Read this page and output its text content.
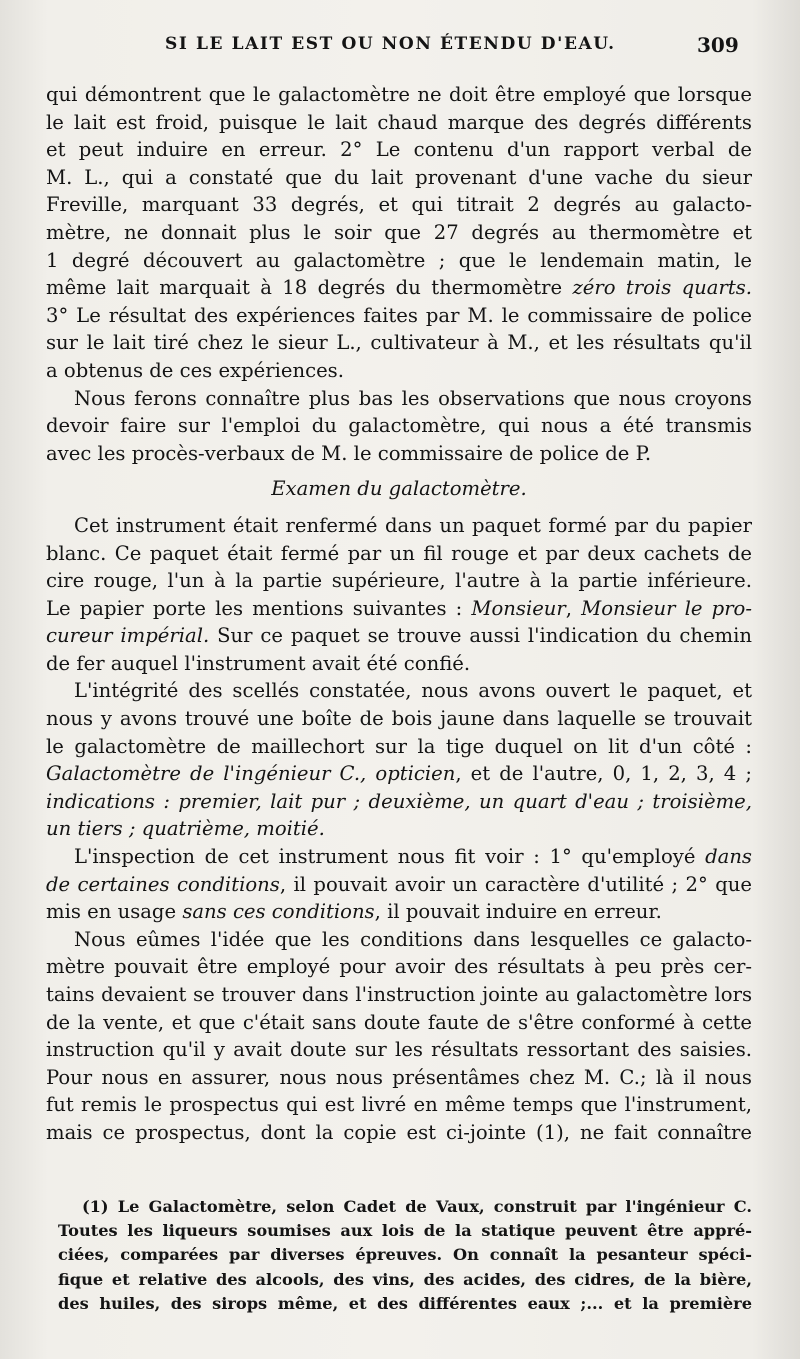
SI LE LAIT EST OU NON ÉTENDU D'EAU.	309
qui démontrent que le galactomètre ne doit être employé que lorsque
le lait est froid, puisque le lait chaud marque des degrés différents
et peut induire en erreur. 2° Le contenu d'un rapport verbal de
M. L., qui a constaté que du lait provenant d'une vache du sieur
Freville, marquant 33 degrés, et qui titrait 2 degrés au galacto-
mètre, ne donnait plus le soir que 27 degrés au thermomètre et
1 degré découvert au galactomètre ; que le lendemain matin, le
même lait marquait à 18 degrés du thermomètre zéro trois quarts.
3° Le résultat des expériences faites par M. le commissaire de police
sur le lait tiré chez le sieur L., cultivateur à M., et les résultats qu'il
a obtenus de ces expériences.
Nous ferons connaître plus bas les observations que nous croyons
devoir faire sur l'emploi du galactomètre, qui nous a été transmis
avec les procès-verbaux de M. le commissaire de police de P.
Examen du galactomètre.
Cet instrument était renfermé dans un paquet formé par du papier
blanc. Ce paquet était fermé par un fil rouge et par deux cachets de
cire rouge, l'un à la partie supérieure, l'autre à la partie inférieure.
Le papier porte les mentions suivantes : Monsieur, Monsieur le pro-
cureur impérial. Sur ce paquet se trouve aussi l'indication du chemin
de fer auquel l'instrument avait été confié.
L'intégrité des scellés constatée, nous avons ouvert le paquet, et
nous y avons trouvé une boîte de bois jaune dans laquelle se trouvait
le galactomètre de maillechort sur la tige duquel on lit d'un côté :
Galactomètre de l'ingénieur C., opticien, et de l'autre, 0, 1, 2, 3, 4 ;
indications : premier, lait pur ; deuxième, un quart d'eau ; troisième,
un tiers ; quatrième, moitié.
L'inspection de cet instrument nous fit voir : 1° qu'employé dans
de certaines conditions, il pouvait avoir un caractère d'utilité ; 2° que
mis en usage sans ces conditions, il pouvait induire en erreur.
Nous eûmes l'idée que les conditions dans lesquelles ce galacto-
mètre pouvait être employé pour avoir des résultats à peu près cer-
tains devaient se trouver dans l'instruction jointe au galactomètre lors
de la vente, et que c'était sans doute faute de s'être conformé à cette
instruction qu'il y avait doute sur les résultats ressortant des saisies.
Pour nous en assurer, nous nous présentâmes chez M. C.; là il nous
fut remis le prospectus qui est livré en même temps que l'instrument,
mais ce prospectus, dont la copie est ci-jointe (1), ne fait connaître
(1) Le Galactomètre, selon Cadet de Vaux, construit par l'ingénieur C.
Toutes les liqueurs soumises aux lois de la statique peuvent être appré-
ciées, comparées par diverses épreuves. On connaît la pesanteur spéci-
fique et relative des alcools, des vins, des acides, des cidres, de la bière,
des huiles, des sirops même, et des différentes eaux ;... et la première
